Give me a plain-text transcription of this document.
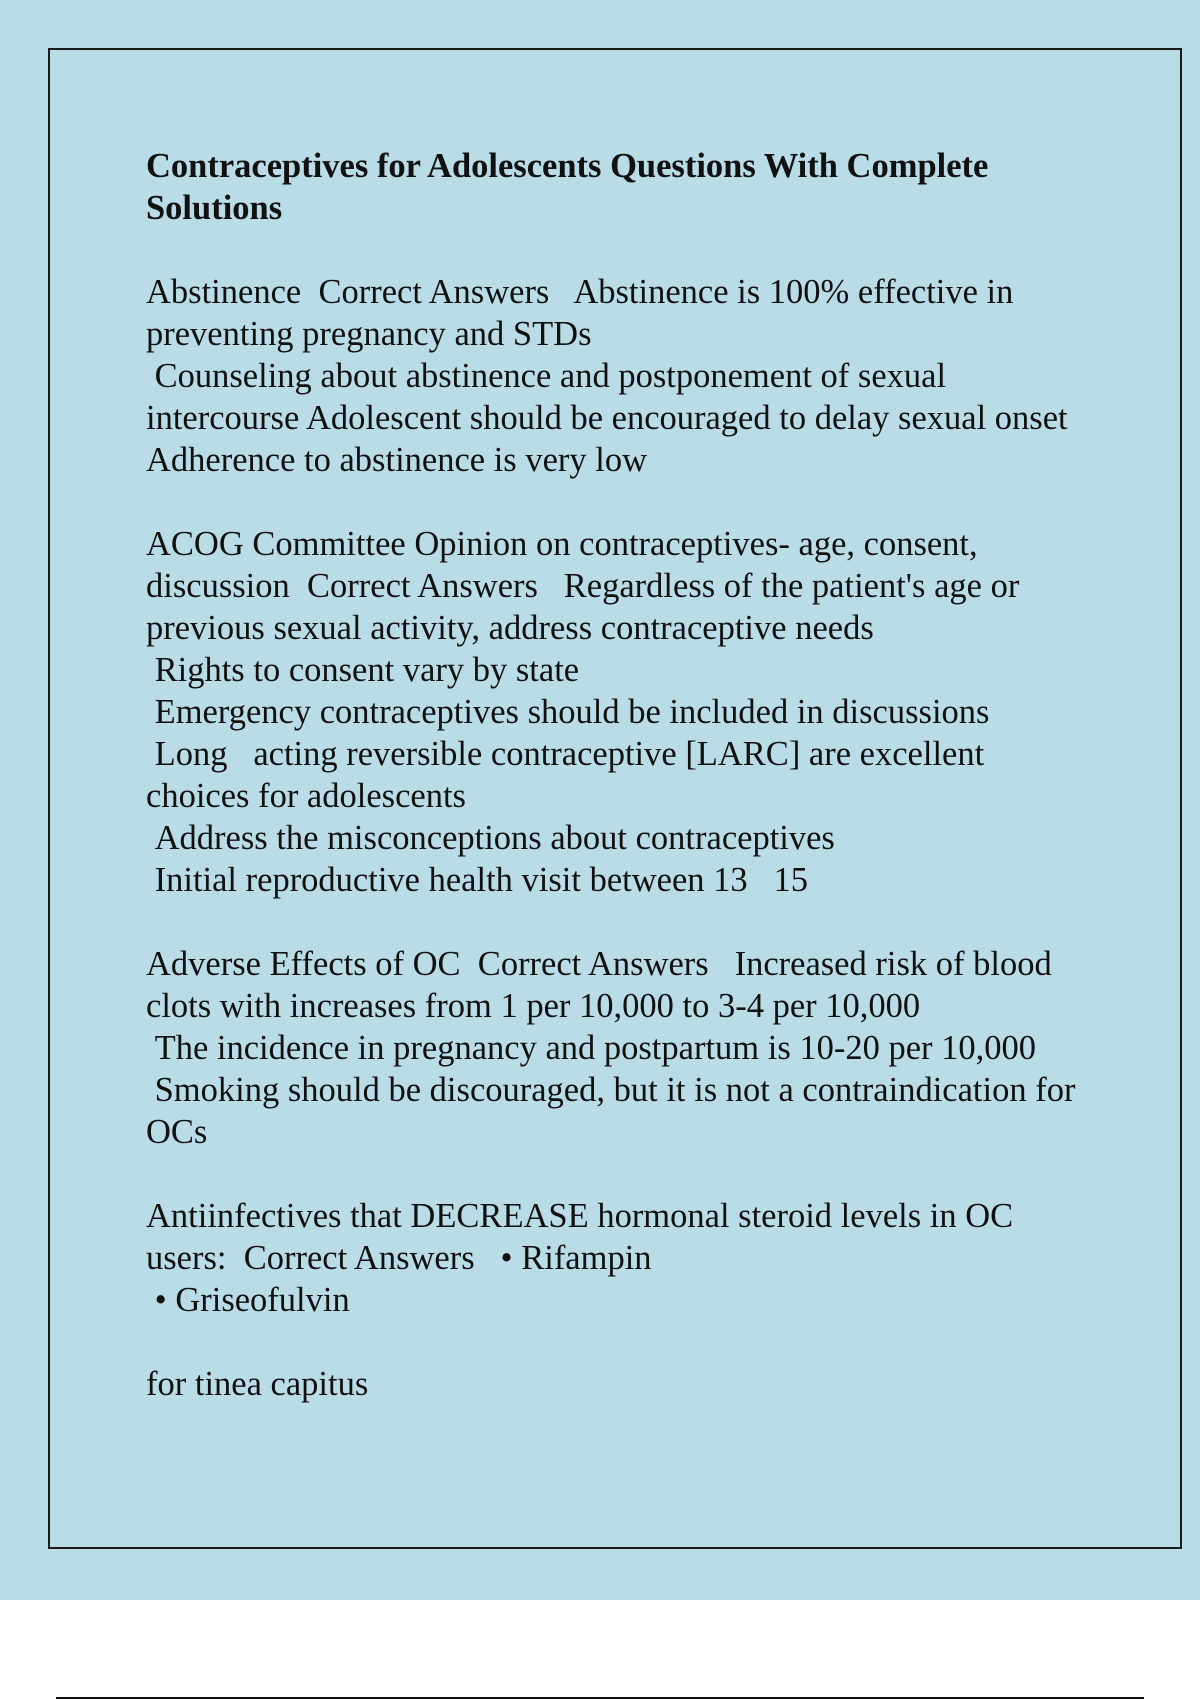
Contraceptives for Adolescents Questions With Complete Solutions
Abstinence  Correct Answers   Abstinence is 100% effective in preventing pregnancy and STDs
Counseling about abstinence and postponement of sexual intercourse Adolescent should be encouraged to delay sexual onset Adherence to abstinence is very low
ACOG Committee Opinion on contraceptives- age, consent, discussion  Correct Answers   Regardless of the patient's age or previous sexual activity, address contraceptive needs
Rights to consent vary by state
Emergency contraceptives should be included in discussions
Long   acting reversible contraceptive [LARC] are excellent choices for adolescents
Address the misconceptions about contraceptives
Initial reproductive health visit between 13   15
Adverse Effects of OC  Correct Answers   Increased risk of blood clots with increases from 1 per 10,000 to 3-4 per 10,000
The incidence in pregnancy and postpartum is 10-20 per 10,000
Smoking should be discouraged, but it is not a contraindication for OCs
Antiinfectives that DECREASE hormonal steroid levels in OC users:  Correct Answers   • Rifampin
• Griseofulvin
for tinea capitus
